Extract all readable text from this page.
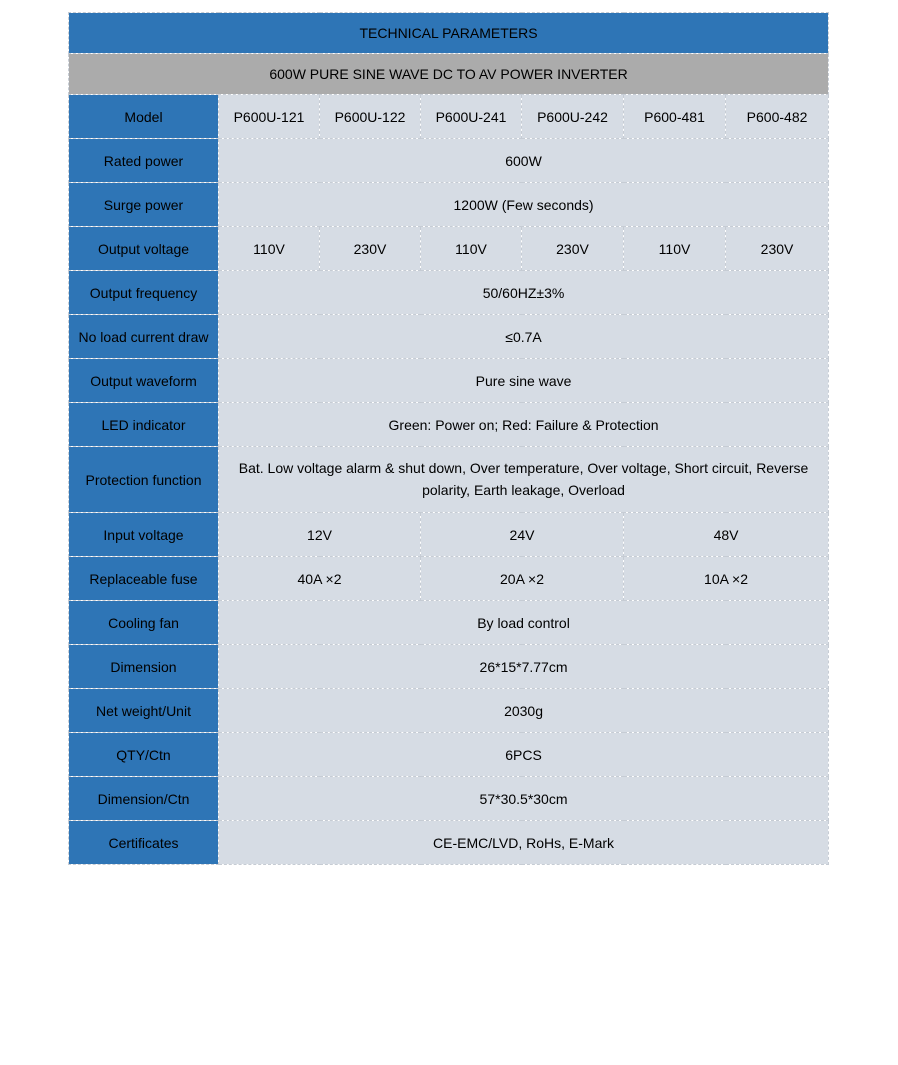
TECHNICAL PARAMETERS						
600W PURE SINE WAVE DC TO AV POWER INVERTER						
Model	P600U-121	P600U-122	P600U-241	P600U-242	P600-481	P600-482
Rated power	600W					
Surge power	1200W (Few seconds)					
Output voltage	110V	230V	110V	230V	110V	230V
Output frequency	50/60HZ±3%					
No load current draw	≤0.7A					
Output waveform	Pure sine wave					
LED indicator	Green: Power on; Red: Failure & Protection					
Protection function	Bat. Low voltage alarm & shut down, Over temperature, Over voltage, Short circuit, Reverse polarity, Earth leakage, Overload					
Input voltage	12V		24V		48V	
Replaceable fuse	40A ×2		20A ×2		10A ×2	
Cooling fan	By load control					
Dimension	26*15*7.77cm					
Net weight/Unit	2030g					
QTY/Ctn	6PCS					
Dimension/Ctn	57*30.5*30cm					
Certificates	CE-EMC/LVD, RoHs, E-Mark					
